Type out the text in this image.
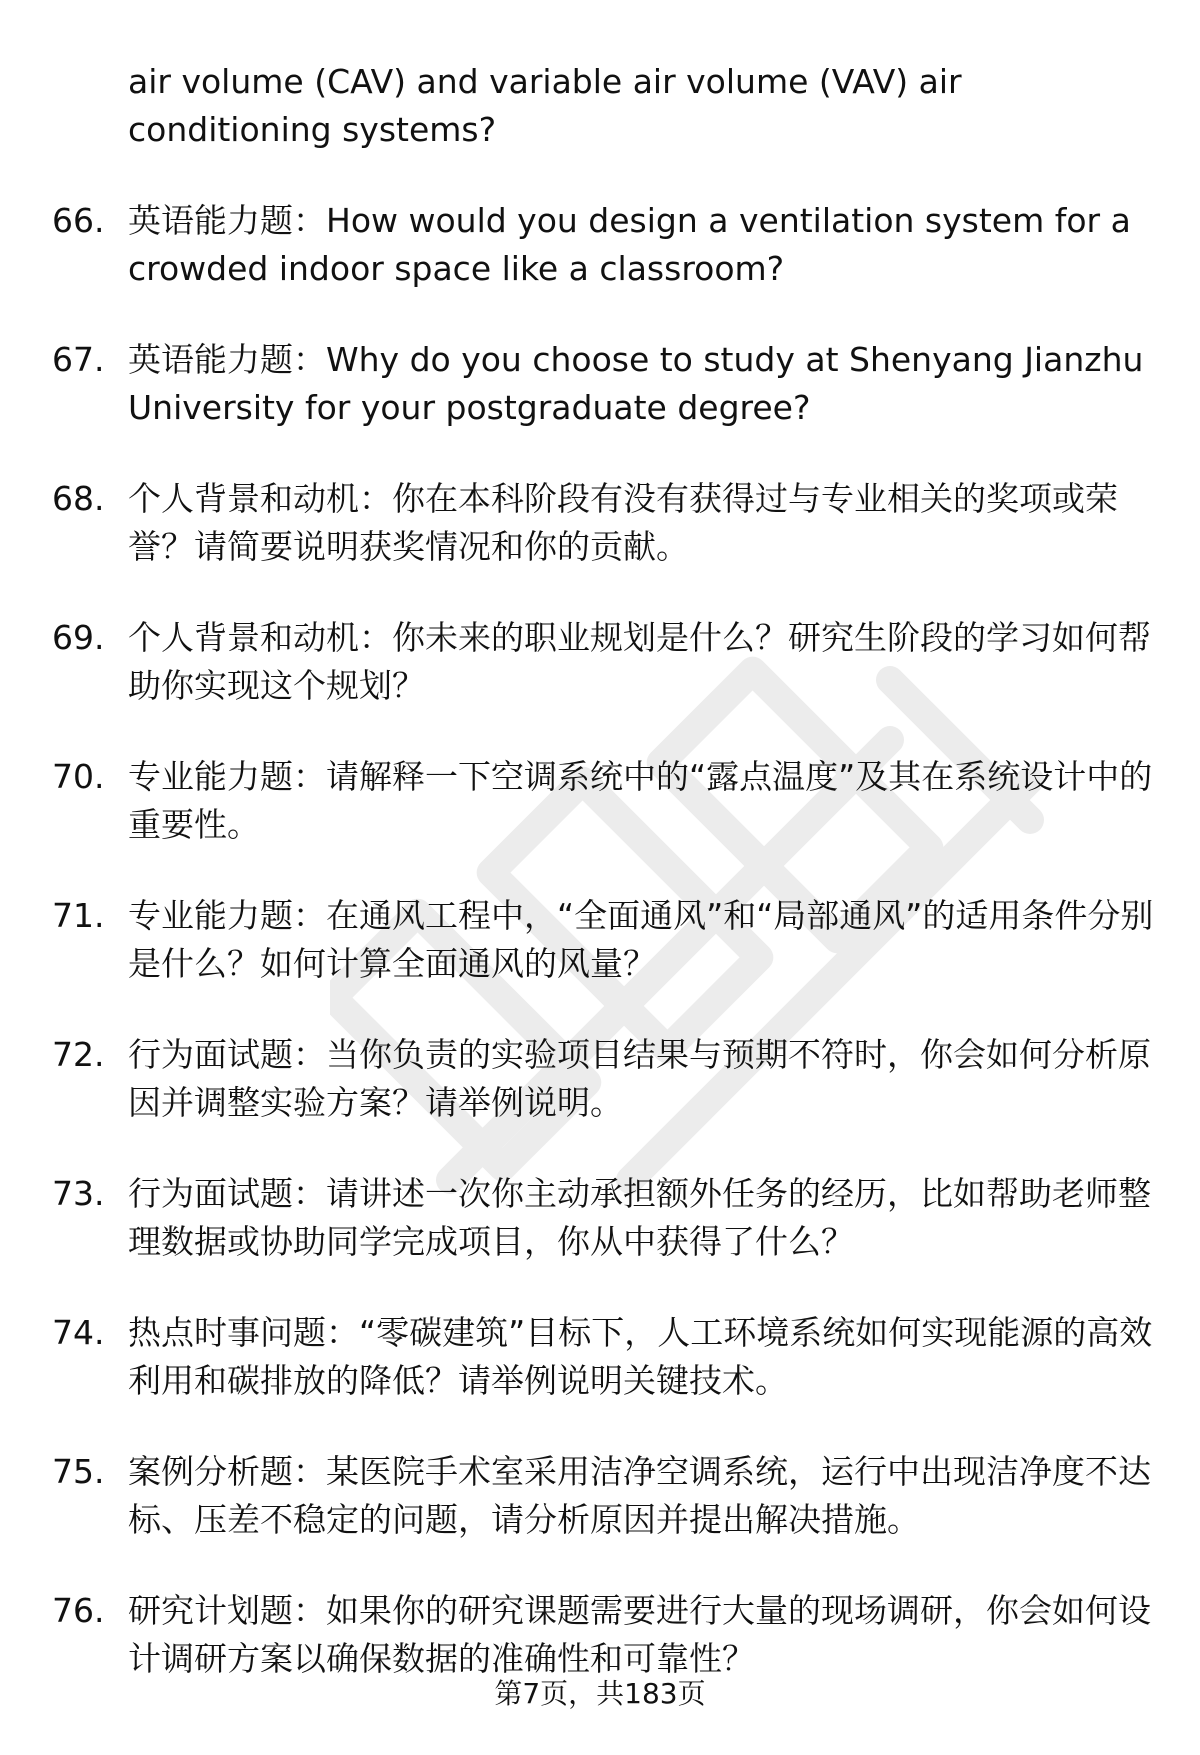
air volume (CAV) and variable air volume (VAV) air conditioning systems?
66. 英语能力题：How would you design a ventilation system for a crowded indoor space like a classroom?
67. 英语能力题：Why do you choose to study at Shenyang Jianzhu University for your postgraduate degree?
68. 个人背景和动机：你在本科阶段有没有获得过与专业相关的奖项或荣誉？请简要说明获奖情况和你的贡献。
69. 个人背景和动机：你未来的职业规划是什么？研究生阶段的学习如何帮助你实现这个规划？
70. 专业能力题：请解释一下空调系统中的“露点温度”及其在系统设计中的重要性。
71. 专业能力题：在通风工程中，“全面通风”和“局部通风”的适用条件分别是什么？如何计算全面通风的风量？
72. 行为面试题：当你负责的实验项目结果与预期不符时，你会如何分析原因并调整实验方案？请举例说明。
73. 行为面试题：请讲述一次你主动承担额外任务的经历，比如帮助老师整理数据或协助同学完成项目，你从中获得了什么？
74. 热点时事问题：“零碳建筑”目标下，人工环境系统如何实现能源的高效利用和碳排放的降低？请举例说明关键技术。
75. 案例分析题：某医院手术室采用洁净空调系统，运行中出现洁净度不达标、压差不稳定的问题，请分析原因并提出解决措施。
76. 研究计划题：如果你的研究课题需要进行大量的现场调研，你会如何设计调研方案以确保数据的准确性和可靠性？
第7页，共183页
